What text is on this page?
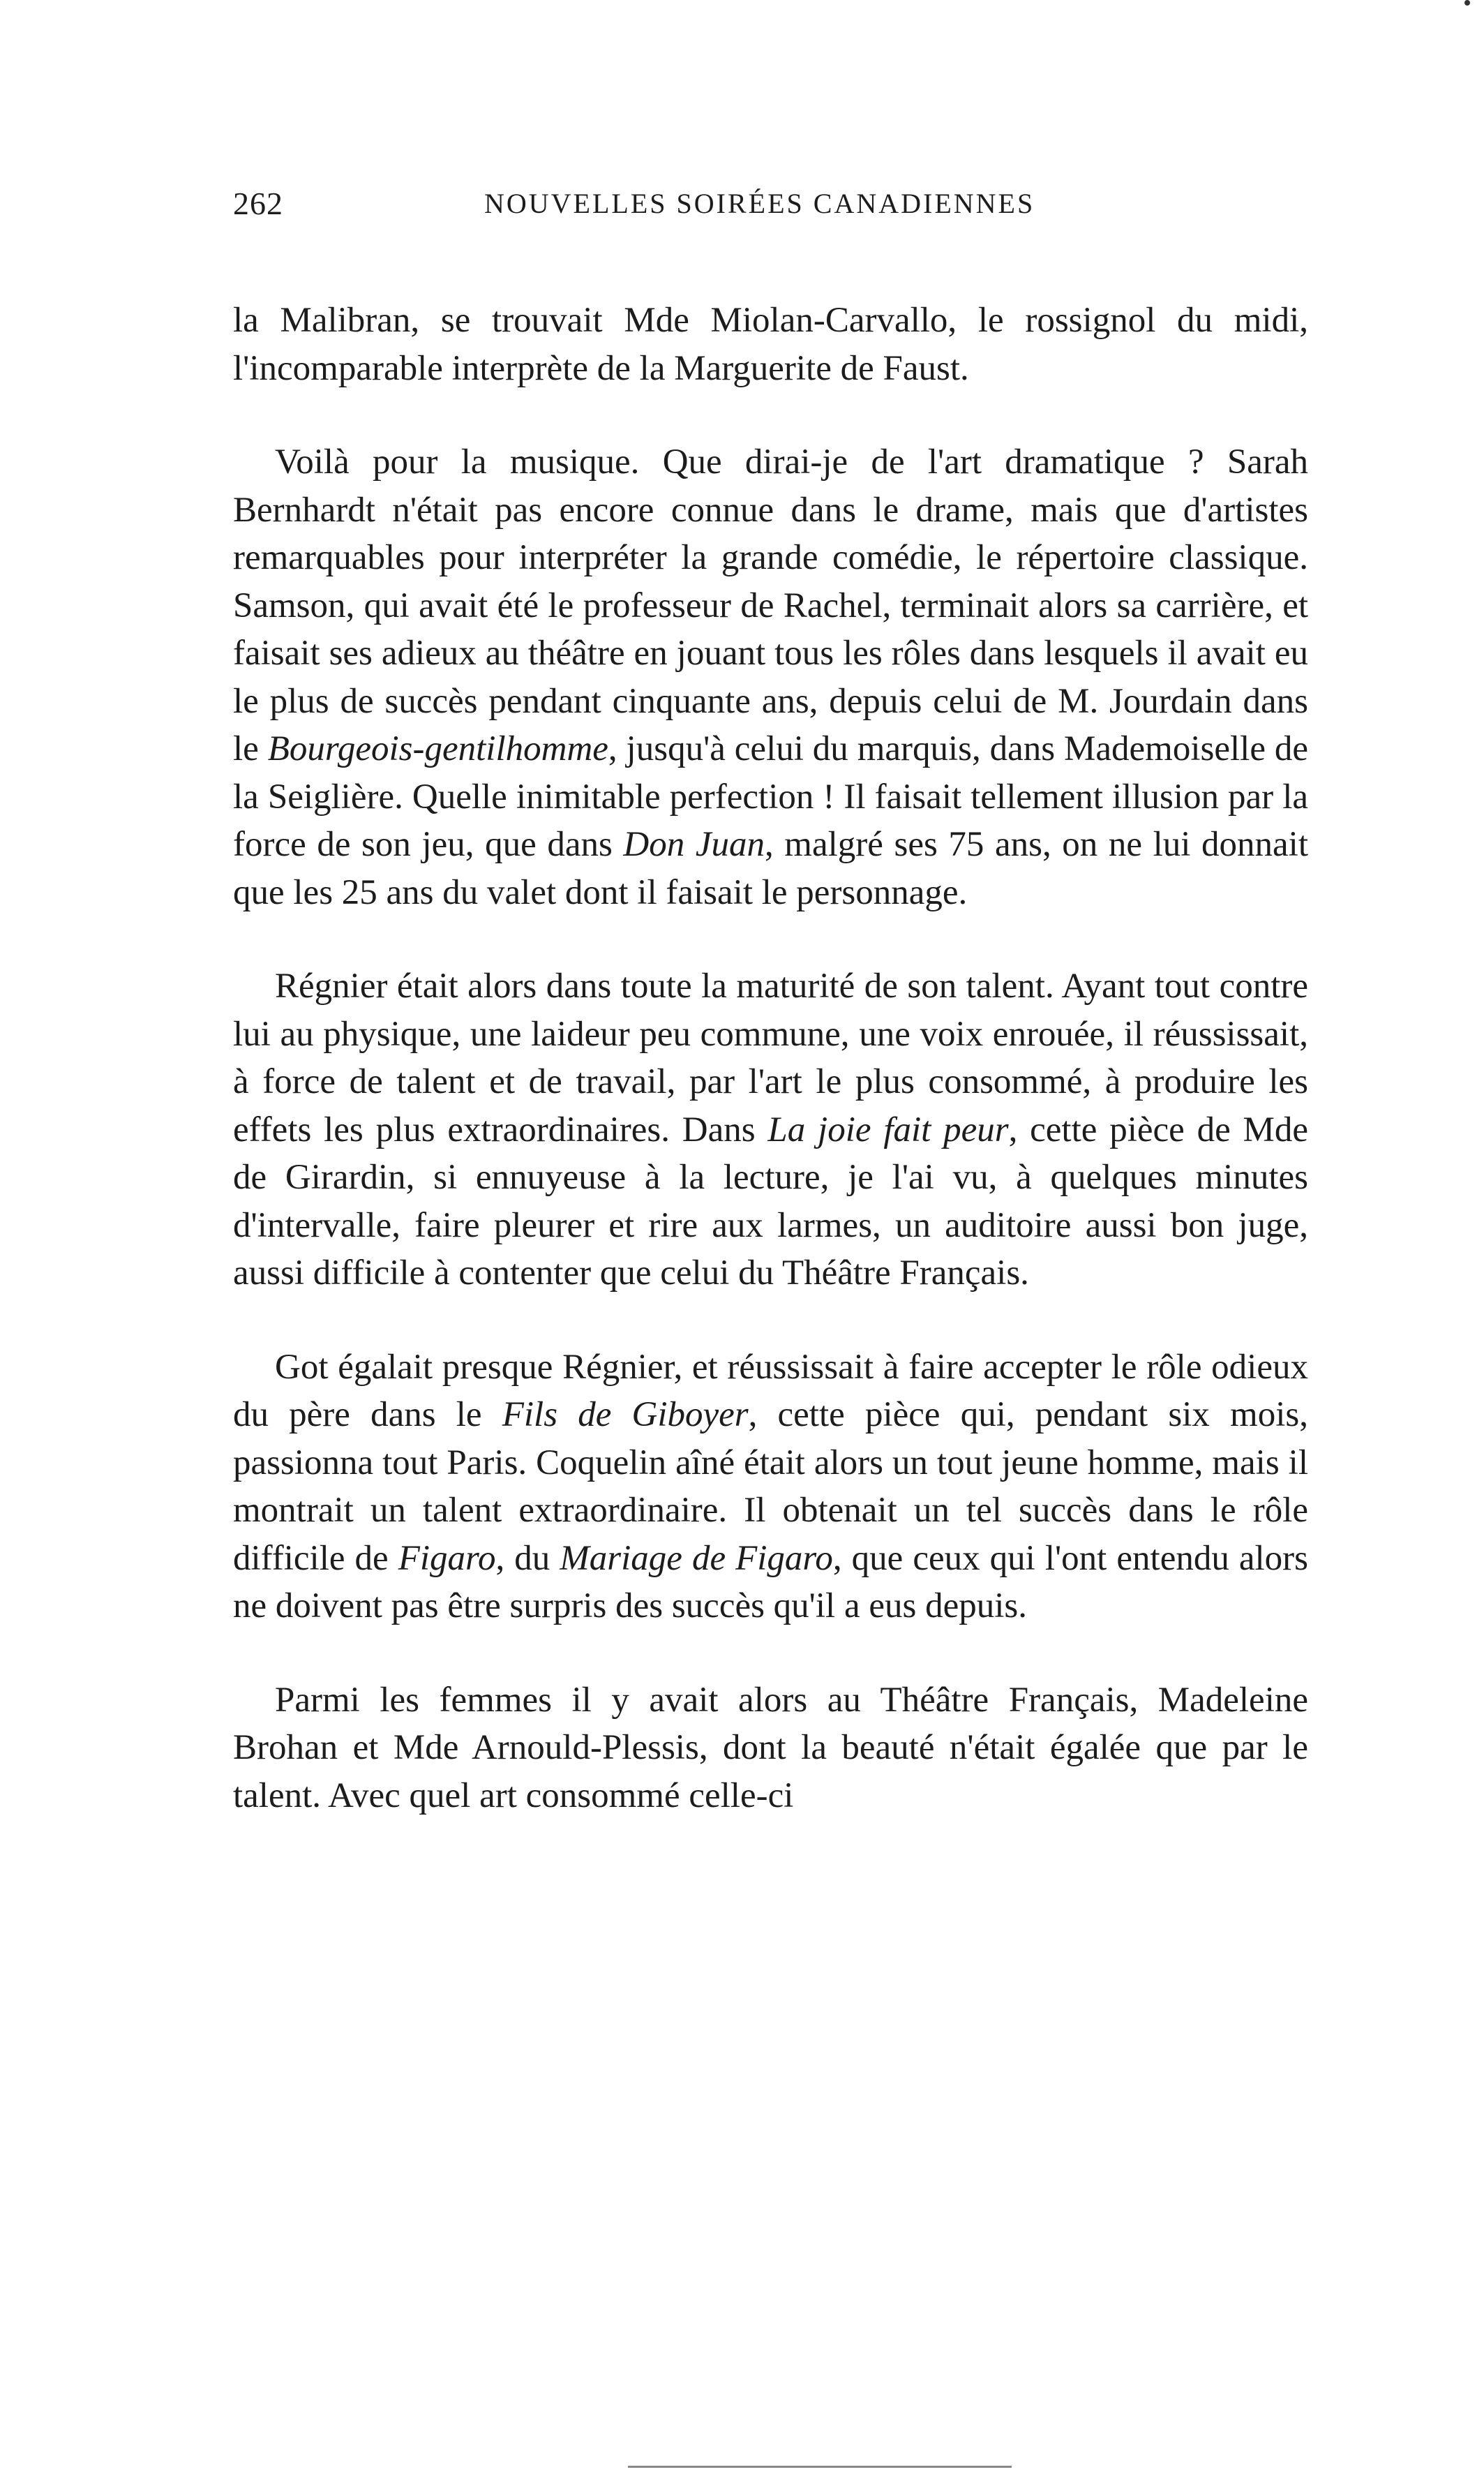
262	NOUVELLES SOIRÉES CANADIENNES

la Malibran, se trouvait Mde Miolan-Carvallo, le rossignol du midi, l'incomparable interprète de la Marguerite de Faust.

Voilà pour la musique. Que dirai-je de l'art dramatique ? Sarah Bernhardt n'était pas encore connue dans le drame, mais que d'artistes remarquables pour interpréter la grande comédie, le répertoire classique. Samson, qui avait été le professeur de Rachel, terminait alors sa carrière, et faisait ses adieux au théâtre en jouant tous les rôles dans lesquels il avait eu le plus de succès pendant cinquante ans, depuis celui de M. Jourdain dans le Bourgeois-gentilhomme, jusqu'à celui du marquis, dans Mademoiselle de la Seiglière. Quelle inimitable perfection ! Il faisait tellement illusion par la force de son jeu, que dans Don Juan, malgré ses 75 ans, on ne lui donnait que les 25 ans du valet dont il faisait le personnage.

Régnier était alors dans toute la maturité de son talent. Ayant tout contre lui au physique, une laideur peu commune, une voix enrouée, il réussissait, à force de talent et de travail, par l'art le plus consommé, à produire les effets les plus extraordinaires. Dans La joie fait peur, cette pièce de Mde de Girardin, si ennuyeuse à la lecture, je l'ai vu, à quelques minutes d'intervalle, faire pleurer et rire aux larmes, un auditoire aussi bon juge, aussi difficile à contenter que celui du Théâtre Français.

Got égalait presque Régnier, et réussissait à faire accepter le rôle odieux du père dans le Fils de Giboyer, cette pièce qui, pendant six mois, passionna tout Paris. Coquelin aîné était alors un tout jeune homme, mais il montrait un talent extraordinaire. Il obtenait un tel succès dans le rôle difficile de Figaro, du Mariage de Figaro, que ceux qui l'ont entendu alors ne doivent pas être surpris des succès qu'il a eus depuis.

Parmi les femmes il y avait alors au Théâtre Français, Madeleine Brohan et Mde Arnould-Plessis, dont la beauté n'était égalée que par le talent. Avec quel art consommé celle-ci
